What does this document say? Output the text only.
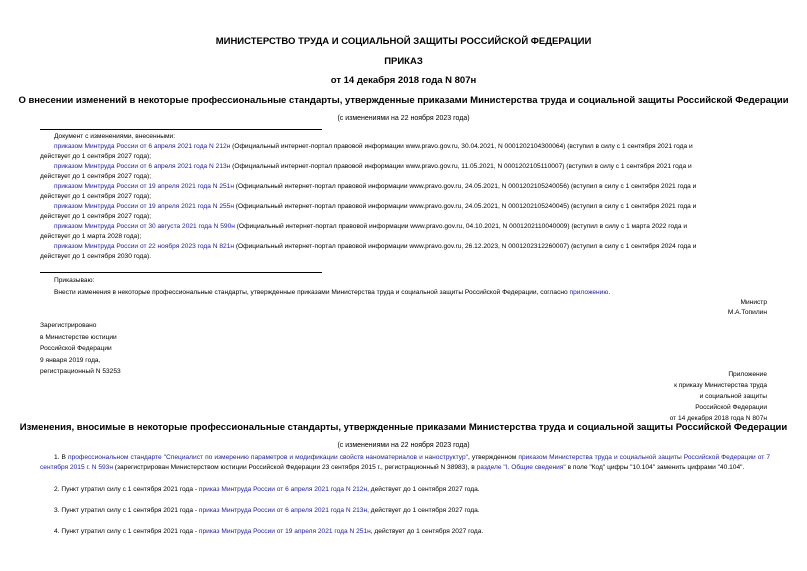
МИНИСТЕРСТВО ТРУДА И СОЦИАЛЬНОЙ ЗАЩИТЫ РОССИЙСКОЙ ФЕДЕРАЦИИ
ПРИКАЗ
от 14 декабря 2018 года N 807н
О внесении изменений в некоторые профессиональные стандарты, утвержденные приказами Министерства труда и социальной защиты Российской Федерации
(с изменениями на 22 ноября 2023 года)

Документ с изменениями, внесенными:

приказом Минтруда России от 6 апреля 2021 года N 212н (Официальный интернет-портал правовой информации www.pravo.gov.ru, 30.04.2021, N 0001202104300064) (вступил в силу с 1 сентября 2021 года и

действует до 1 сентября 2027 года);

приказом Минтруда России от 6 апреля 2021 года N 213н (Официальный интернет-портал правовой информации www.pravo.gov.ru, 11.05.2021, N 0001202105110007) (вступил в силу с 1 сентября 2021 года и

действует до 1 сентября 2027 года);

приказом Минтруда России от 19 апреля 2021 года N 251н (Официальный интернет-портал правовой информации www.pravo.gov.ru, 24.05.2021, N 0001202105240056) (вступил в силу с 1 сентября 2021 года и

действует до 1 сентября 2027 года);

приказом Минтруда России от 19 апреля 2021 года N 255н (Официальный интернет-портал правовой информации www.pravo.gov.ru, 24.05.2021, N 0001202105240045) (вступил в силу с 1 сентября 2021 года и

действует до 1 сентября 2027 года);

приказом Минтруда России от 30 августа 2021 года N 590н (Официальный интернет-портал правовой информации www.pravo.gov.ru, 04.10.2021, N 0001202110040009) (вступил в силу с 1 марта 2022 года и

действует до 1 марта 2028 года);

приказом Минтруда России от 22 ноября 2023 года N 821н (Официальный интернет-портал правовой информации www.pravo.gov.ru, 26.12.2023, N 0001202312260007) (вступил в силу с 1 сентября 2024 года и

действует до 1 сентября 2030 года).

Приказываю:

Внести изменения в некоторые профессиональные стандарты, утвержденные приказами Министерства труда и социальной защиты Российской Федерации, согласно приложению.

Министр
М.А.Топилин
Зарегистрировано
в Министерстве юстиции
Российской Федерации
9 января 2019 года,
регистрационный N 53253	Приложение
к приказу Министерства труда
и социальной защиты
Российской Федерации
от 14 декабря 2018 года N 807н
Изменения, вносимые в некоторые профессиональные стандарты, утвержденные приказами Министерства труда и социальной защиты Российской Федерации
(с изменениями на 22 ноября 2023 года)

1. В профессиональном стандарте "Специалист по измерению параметров и модификации свойств наноматериалов и наноструктур", утвержденном приказом Министерства труда и социальной защиты Российской Федерации от 7 сентября 2015 г. N 593н (зарегистрирован Министерством юстиции Российской Федерации 23 сентября 2015 г., регистрационный N 38983), в разделе "I. Общие сведения" в поле "Код" цифры "10.104" заменить цифрами "40.104".

2. Пункт утратил силу с 1 сентября 2021 года - приказ Минтруда России от 6 апреля 2021 года N 212н, действует до 1 сентября 2027 года.

3. Пункт утратил силу с 1 сентября 2021 года - приказ Минтруда России от 6 апреля 2021 года N 213н, действует до 1 сентября 2027 года.

4. Пункт утратил силу с 1 сентября 2021 года - приказ Минтруда России от 19 апреля 2021 года N 251н, действует до 1 сентября 2027 года.
